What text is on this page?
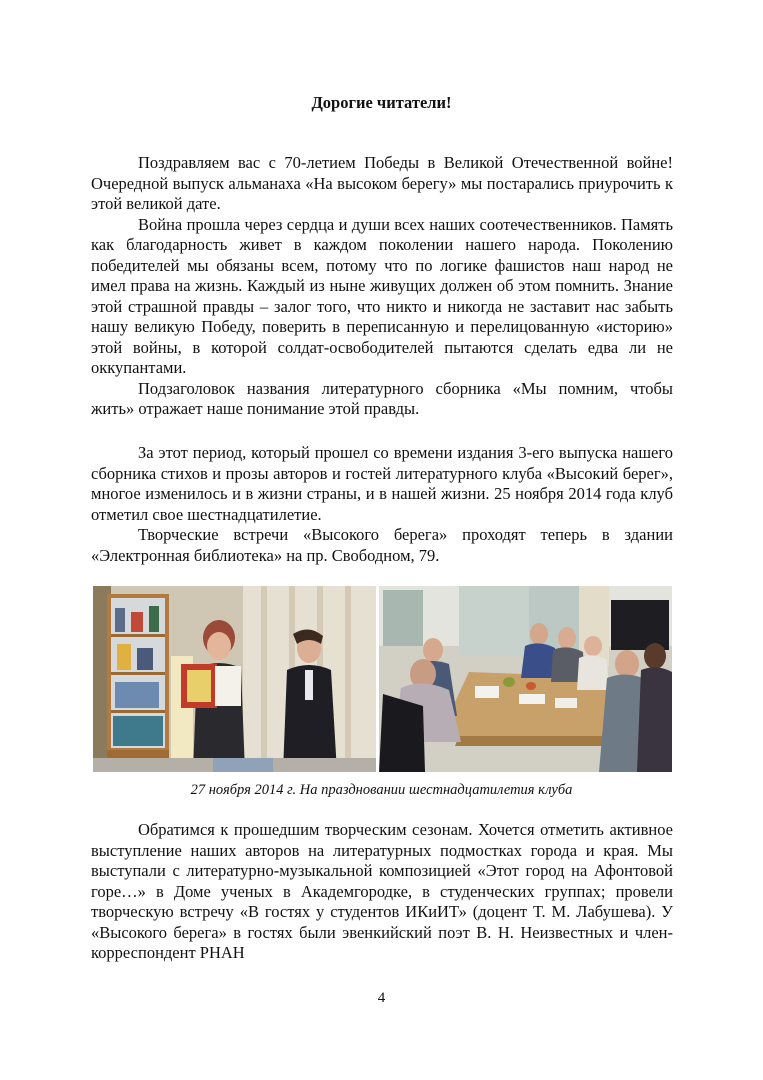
Дорогие читатели!

Поздравляем вас с 70-летием Победы в Великой Отечественной войне! Очередной выпуск альманаха «На высоком берегу» мы постарались приурочить к этой великой дате.

Война прошла через сердца и души всех наших соотечественников. Память как благодарность живет в каждом поколении нашего народа. Поколению победителей мы обязаны всем, потому что по логике фашистов наш народ не имел права на жизнь. Каждый из ныне живущих должен об этом помнить. Знание этой страшной правды – залог того, что никто и никогда не заставит нас забыть нашу великую Победу, поверить в переписанную и перелицованную «историю» этой войны, в которой солдат-освободителей пытаются сделать едва ли не оккупантами.

Подзаголовок названия литературного сборника «Мы помним, чтобы жить» отражает наше понимание этой правды.

За этот период, который прошел со времени издания 3-его выпуска нашего сборника стихов и прозы авторов и гостей литературного клуба «Высокий берег», многое изменилось и в жизни страны, и в нашей жизни. 25 ноября 2014 года клуб отметил свое шестнадцатилетие.

Творческие встречи «Высокого берега» проходят теперь в здании «Электронная библиотека» на пр. Свободном, 79.

27 ноября 2014 г. На праздновании шестнадцатилетия клуба

Обратимся к прошедшим творческим сезонам. Хочется отметить активное выступление наших авторов на литературных подмостках города и края. Мы выступали с литературно-музыкальной композицией «Этот город на Афонтовой горе…» в Доме ученых в Академгородке, в студенческих группах; провели творческую встречу «В гостях у студентов ИКиИТ» (доцент Т. М. Лабушева). У «Высокого берега» в гостях были эвенкийский поэт В. Н. Неизвестных и член-корреспондент РНАН

4
